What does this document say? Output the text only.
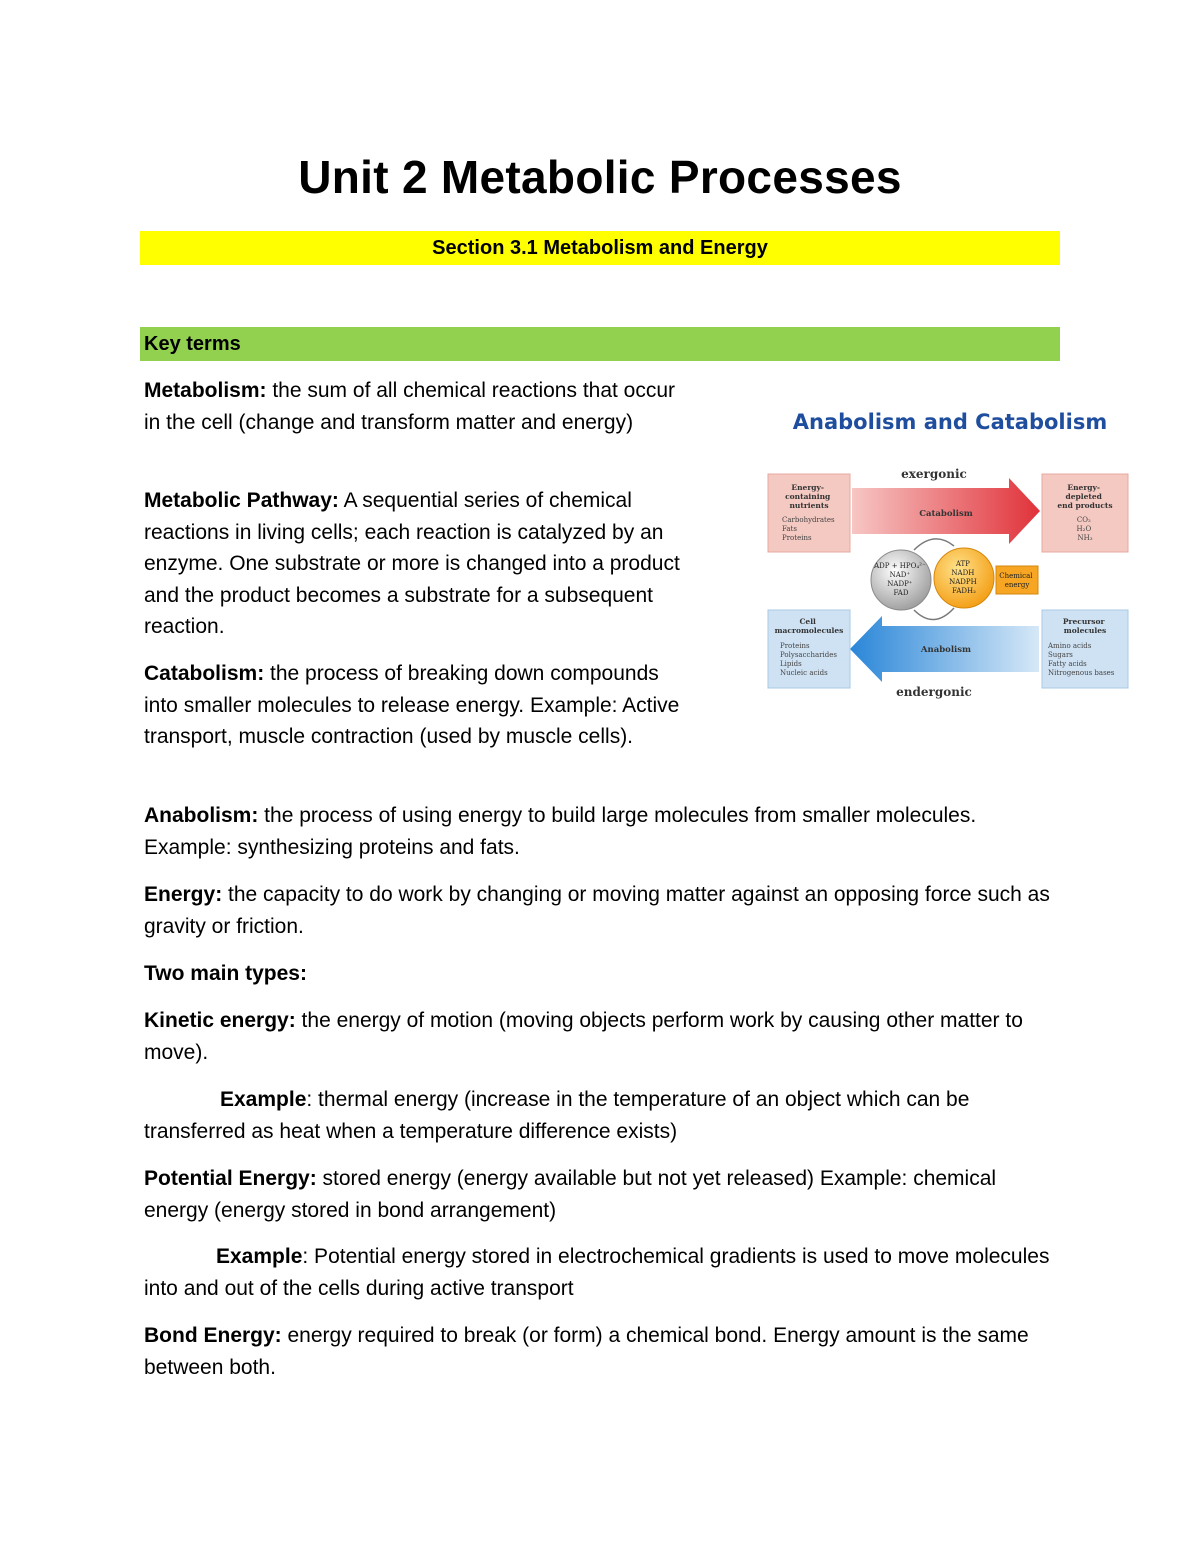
Unit 2 Metabolic Processes
Section 3.1 Metabolism and Energy
Key terms

Metabolism: the sum of all chemical reactions that occur in the cell (change and transform matter and energy)

Metabolic Pathway: A sequential series of chemical reactions in living cells; each reaction is catalyzed by an enzyme. One substrate or more is changed into a product and the product becomes a substrate for a subsequent reaction.

Catabolism: the process of breaking down compounds into smaller molecules to release energy. Example: Active transport, muscle contraction (used by muscle cells).

Anabolism: the process of using energy to build large molecules from smaller molecules. Example: synthesizing proteins and fats.

Energy: the capacity to do work by changing or moving matter against an opposing force such as gravity or friction.

Two main types:

Kinetic energy: the energy of motion (moving objects perform work by causing other matter to move).

Example: thermal energy (increase in the temperature of an object which can be transferred as heat when a temperature difference exists)

Potential Energy: stored energy (energy available but not yet released) Example: chemical energy (energy stored in bond arrangement)

Example: Potential energy stored in electrochemical gradients is used to move molecules into and out of the cells during active transport

Bond Energy: energy required to break (or form) a chemical bond. Energy amount is the same between both.

Anabolism and Catabolism
exergonic
Catabolism
Anabolism
endergonic
Energy- containing nutrients
Carbohydrates Fats Proteins
Energy- depleted end products
CO₂ H₂O NH₃
Cell macromolecules
Proteins Polysaccharides Lipids Nucleic acids
Precursor molecules
Amino acids Sugars Fatty acids Nitrogenous bases
ADP + HPO₄²⁻ NAD⁺ NADP⁺ FAD
ATP NADH NADPH FADH₂
Chemical energy
